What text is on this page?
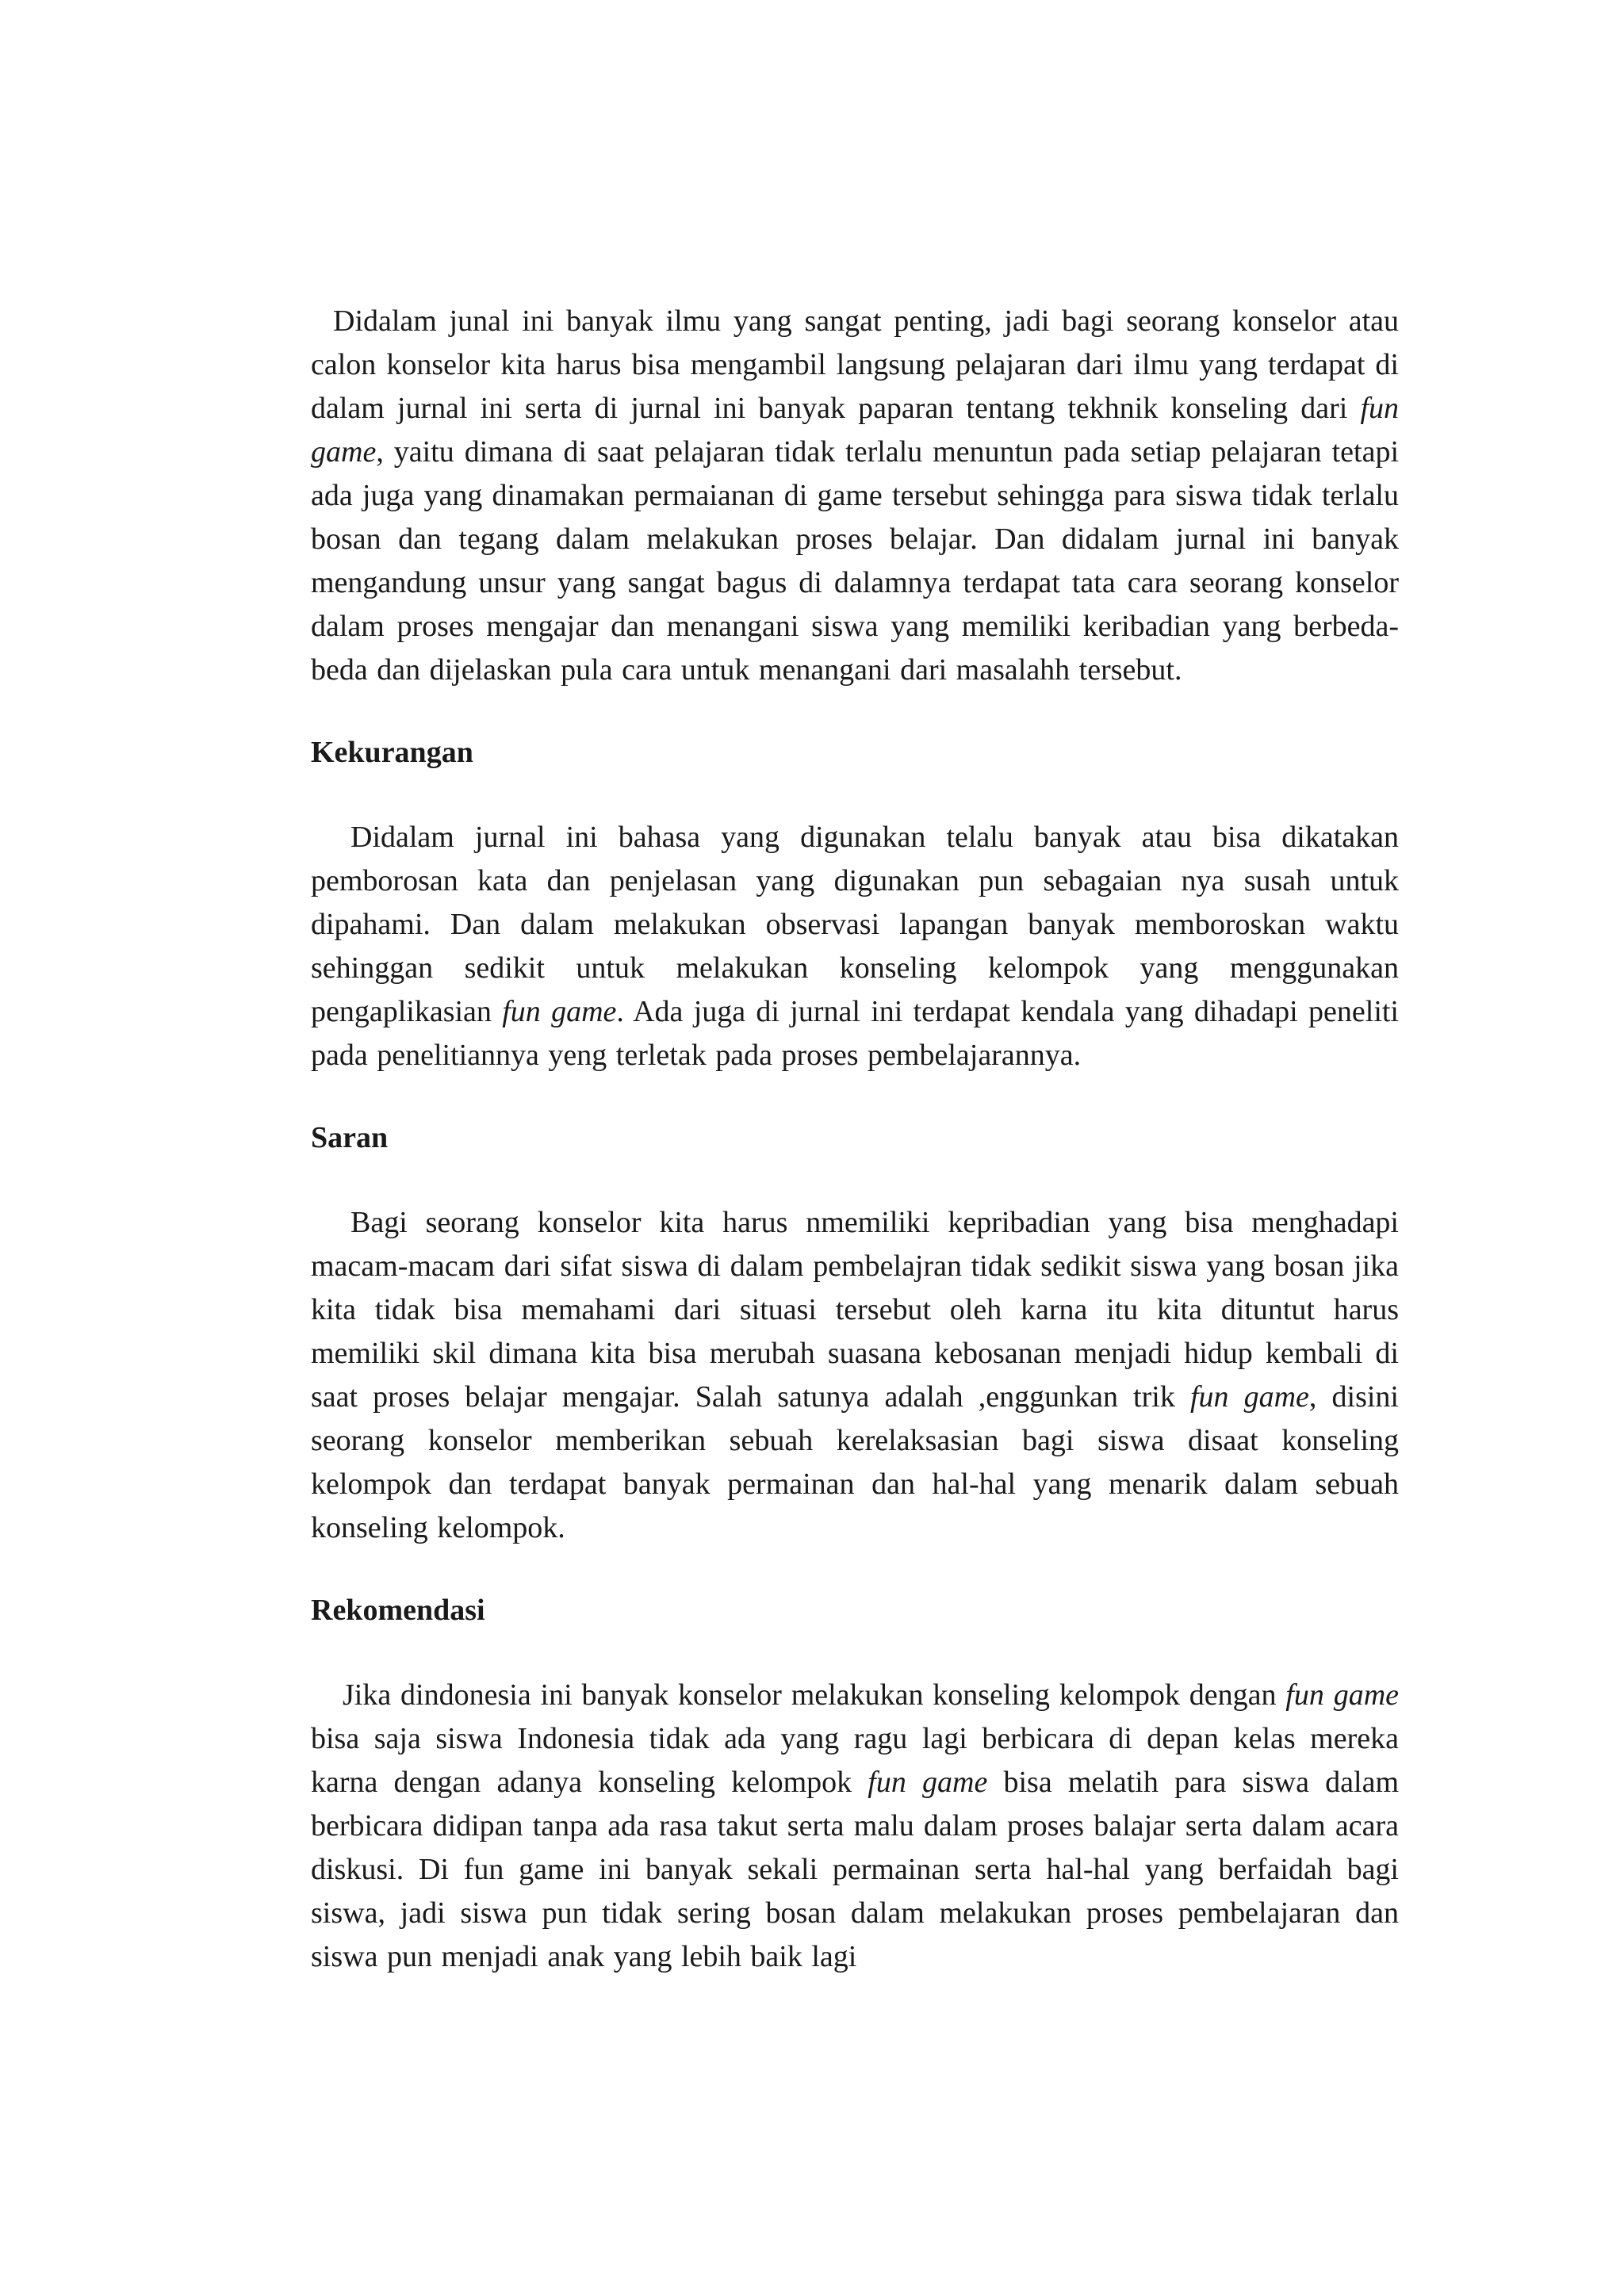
Didalam junal ini banyak ilmu yang sangat penting, jadi bagi seorang konselor atau calon konselor kita harus bisa mengambil langsung pelajaran dari ilmu yang terdapat di dalam jurnal ini serta di jurnal ini banyak paparan tentang tekhnik konseling dari fun game, yaitu dimana di saat pelajaran tidak terlalu menuntun pada setiap pelajaran tetapi ada juga yang dinamakan permaianan di game tersebut sehingga para siswa tidak terlalu bosan dan tegang dalam melakukan proses belajar. Dan didalam jurnal ini banyak mengandung unsur yang sangat bagus di dalamnya terdapat tata cara seorang konselor dalam proses mengajar dan menangani siswa yang memiliki keribadian yang berbeda-beda dan dijelaskan pula cara untuk menangani dari masalahh tersebut.

Kekurangan

Didalam jurnal ini bahasa yang digunakan telalu banyak atau bisa dikatakan pemborosan kata dan penjelasan yang digunakan pun sebagaian nya susah untuk dipahami. Dan dalam melakukan observasi lapangan banyak memboroskan waktu sehinggan sedikit untuk melakukan konseling kelompok yang menggunakan pengaplikasian fun game. Ada juga di jurnal ini terdapat kendala yang dihadapi peneliti pada penelitiannya yeng terletak pada proses pembelajarannya.

Saran

Bagi seorang konselor kita harus nmemiliki kepribadian yang bisa menghadapi macam-macam dari sifat siswa di dalam pembelajran tidak sedikit siswa yang bosan jika kita tidak bisa memahami dari situasi tersebut oleh karna itu kita dituntut harus memiliki skil dimana kita bisa merubah suasana kebosanan menjadi hidup kembali di saat proses belajar mengajar. Salah satunya adalah ,enggunkan trik fun game, disini seorang konselor memberikan sebuah kerelaksasian bagi siswa disaat konseling kelompok dan terdapat banyak permainan dan hal-hal yang menarik dalam sebuah konseling kelompok.

Rekomendasi

Jika dindonesia ini banyak konselor melakukan konseling kelompok dengan fun game bisa saja siswa Indonesia tidak ada yang ragu lagi berbicara di depan kelas mereka karna dengan adanya konseling kelompok fun game bisa melatih para siswa dalam berbicara didipan tanpa ada rasa takut serta malu dalam proses balajar serta dalam acara diskusi. Di fun game ini banyak sekali permainan serta hal-hal yang berfaidah bagi siswa, jadi siswa pun tidak sering bosan dalam melakukan proses pembelajaran dan siswa pun menjadi anak yang lebih baik lagi
